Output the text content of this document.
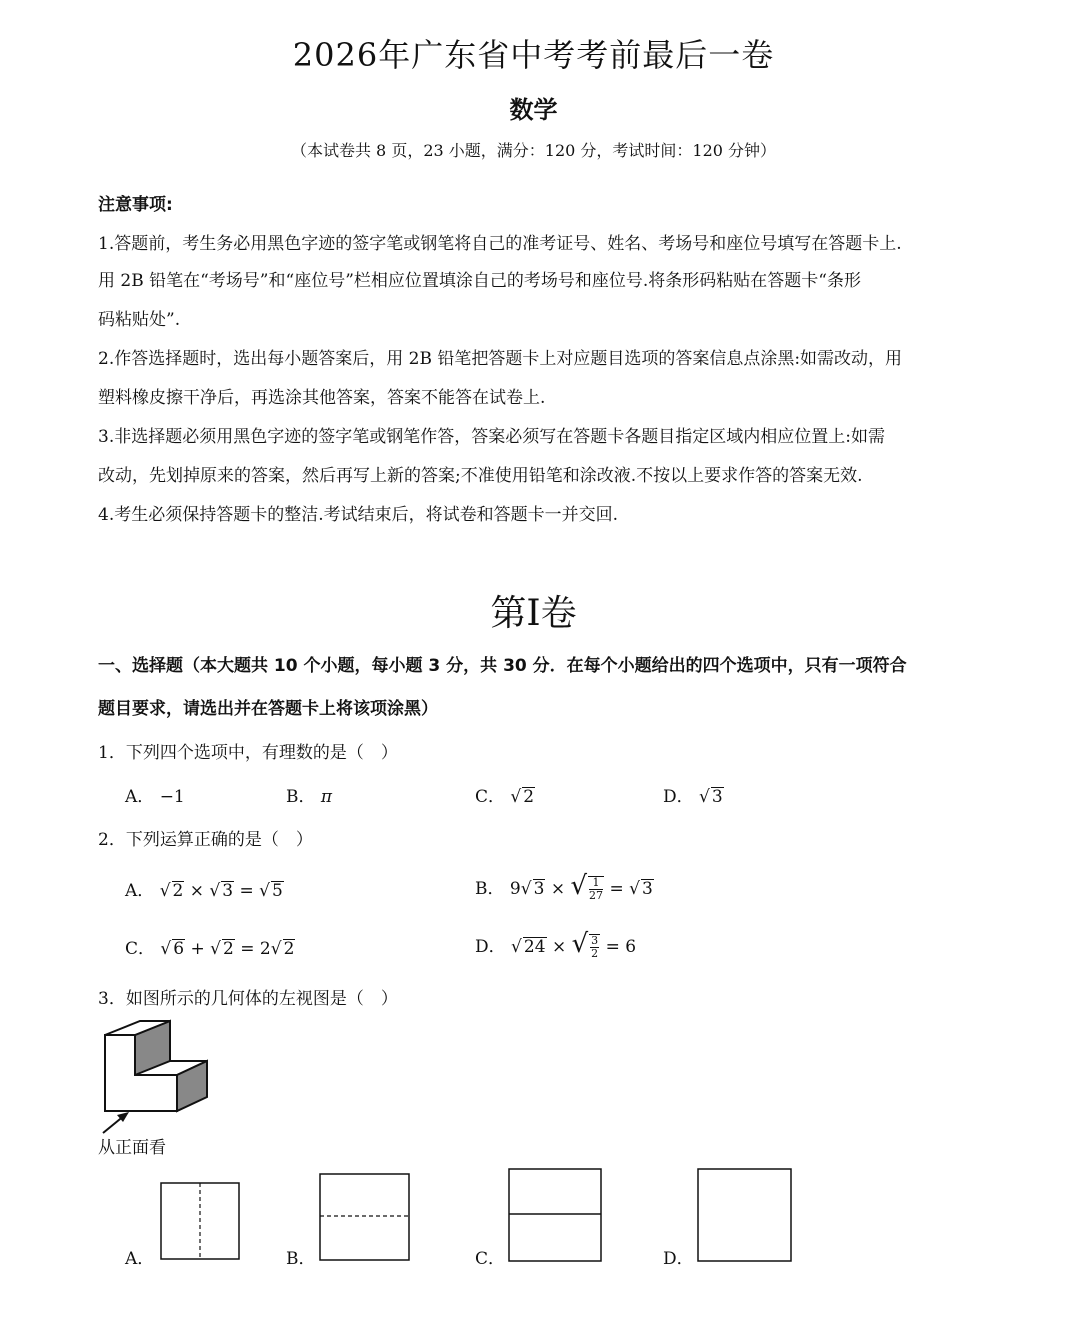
2026年广东省中考考前最后一卷
数学
（本试卷共 8 页，23 小题，满分：120 分，考试时间：120 分钟）
注意事项:
1.答题前，考生务必用黑色字迹的签字笔或钢笔将自己的准考证号、姓名、考场号和座位号填写在答题卡上.
用 2B 铅笔在“考场号”和“座位号”栏相应位置填涂自己的考场号和座位号.将条形码粘贴在答题卡“条形
码粘贴处”.
2.作答选择题时，选出每小题答案后，用 2B 铅笔把答题卡上对应题目选项的答案信息点涂黑:如需改动，用
塑料橡皮擦干净后，再选涂其他答案，答案不能答在试卷上.
3.非选择题必须用黑色字迹的签字笔或钢笔作答，答案必须写在答题卡各题目指定区域内相应位置上:如需
改动，先划掉原来的答案，然后再写上新的答案;不准使用铅笔和涂改液.不按以上要求作答的答案无效.
4.考生必须保持答题卡的整洁.考试结束后，将试卷和答题卡一并交回.
第I卷
一、选择题（本大题共 10 个小题，每小题 3 分，共 30 分．在每个小题给出的四个选项中，只有一项符合
题目要求，请选出并在答题卡上将该项涂黑）
1．下列四个选项中，有理数的是（　）
A． −1	B． π	C． √ 2	D． √ 3
2．下列运算正确的是（　）
A． √ 2 × √ 3 = √ 5	B． 9√ 3 × √ $\frac{1}{27}$ = √ 3
C． √ 6 + √ 2 = 2√ 2	D． √ 24 × √ $\frac{3}{2} = 6$
3．如图所示的几何体的左视图是（　）
从正面看
A．	B．	C．	D．
